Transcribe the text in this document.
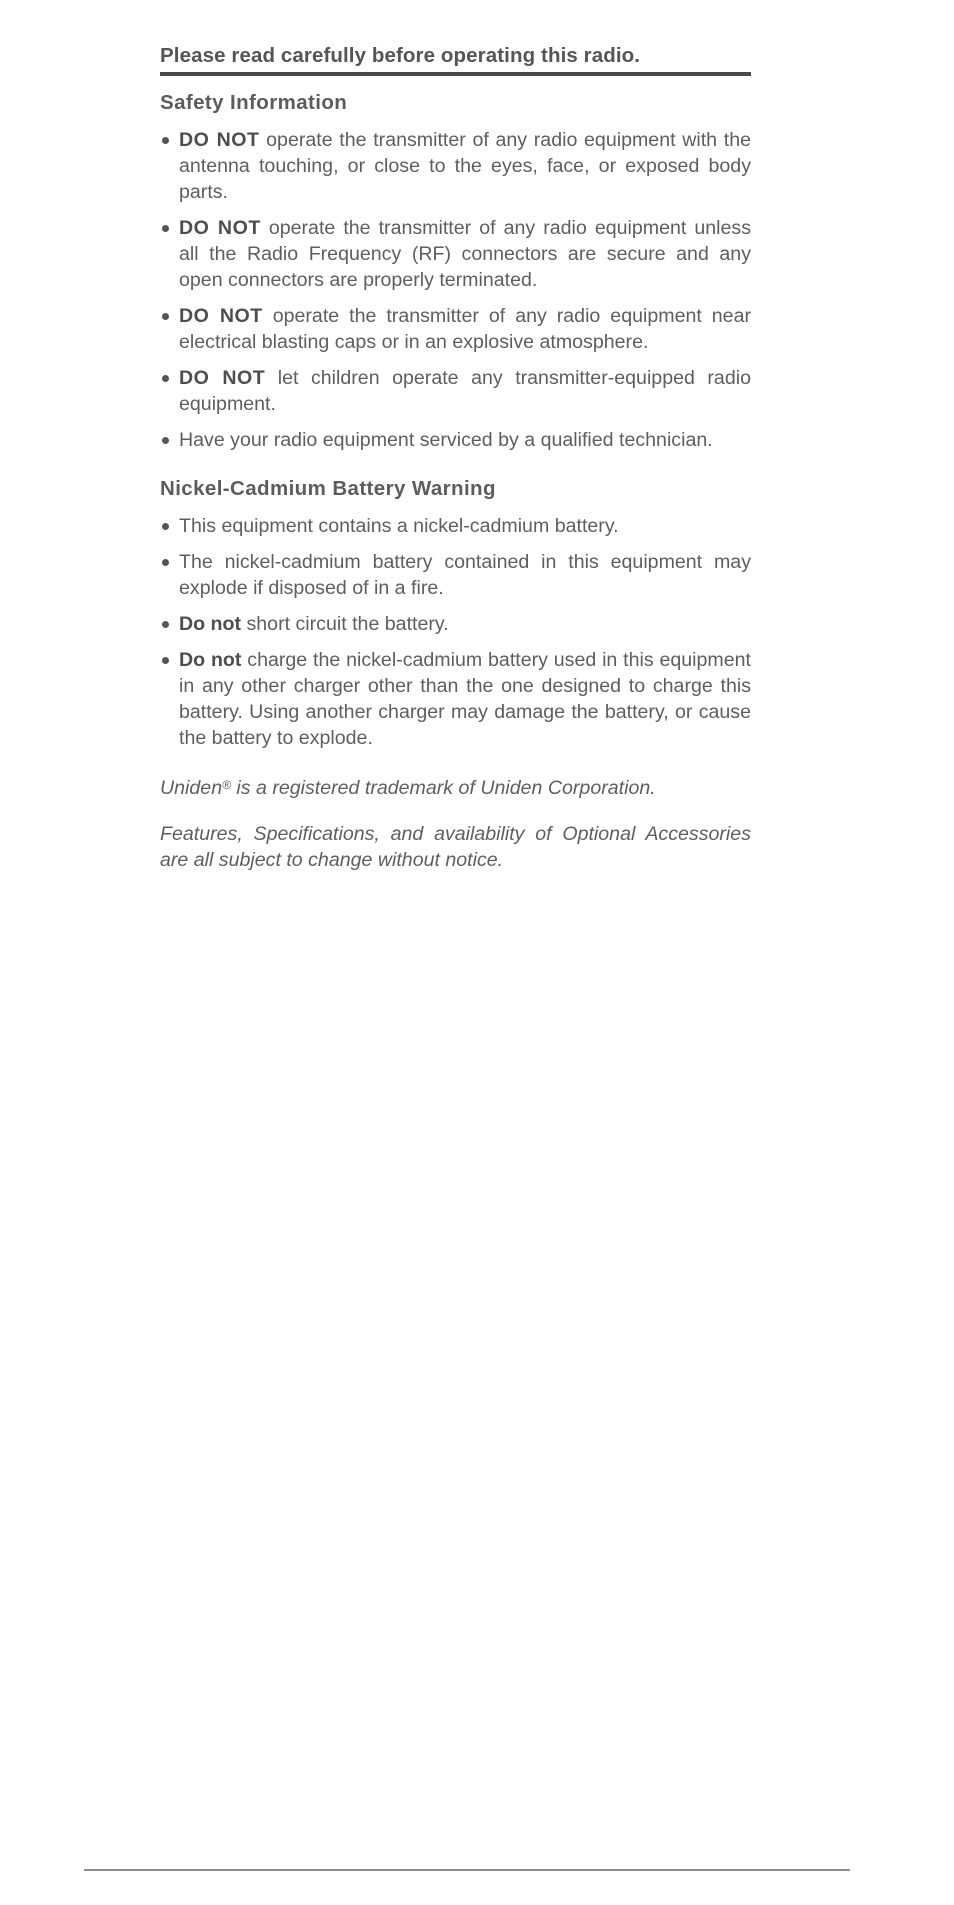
Please read carefully before operating this radio.
Safety Information
DO NOT operate the transmitter of any radio equipment with the antenna touching, or close to the eyes, face, or exposed body parts.
DO NOT operate the transmitter of any radio equipment unless all the Radio Frequency (RF) connectors are secure and any open connectors are properly terminated.
DO NOT operate the transmitter of any radio equipment near electrical blasting caps or in an explosive atmosphere.
DO NOT let children operate any transmitter-equipped radio equipment.
Have your radio equipment serviced by a qualified technician.
Nickel-Cadmium Battery Warning
This equipment contains a nickel-cadmium battery.
The nickel-cadmium battery contained in this equipment may explode if disposed of in a fire.
Do not short circuit the battery.
Do not charge the nickel-cadmium battery used in this equipment in any other charger other than the one designed to charge this battery. Using another charger may damage the battery, or cause the battery to explode.

Uniden® is a registered trademark of Uniden Corporation.

Features, Specifications, and availability of Optional Accessories are all subject to change without notice.
